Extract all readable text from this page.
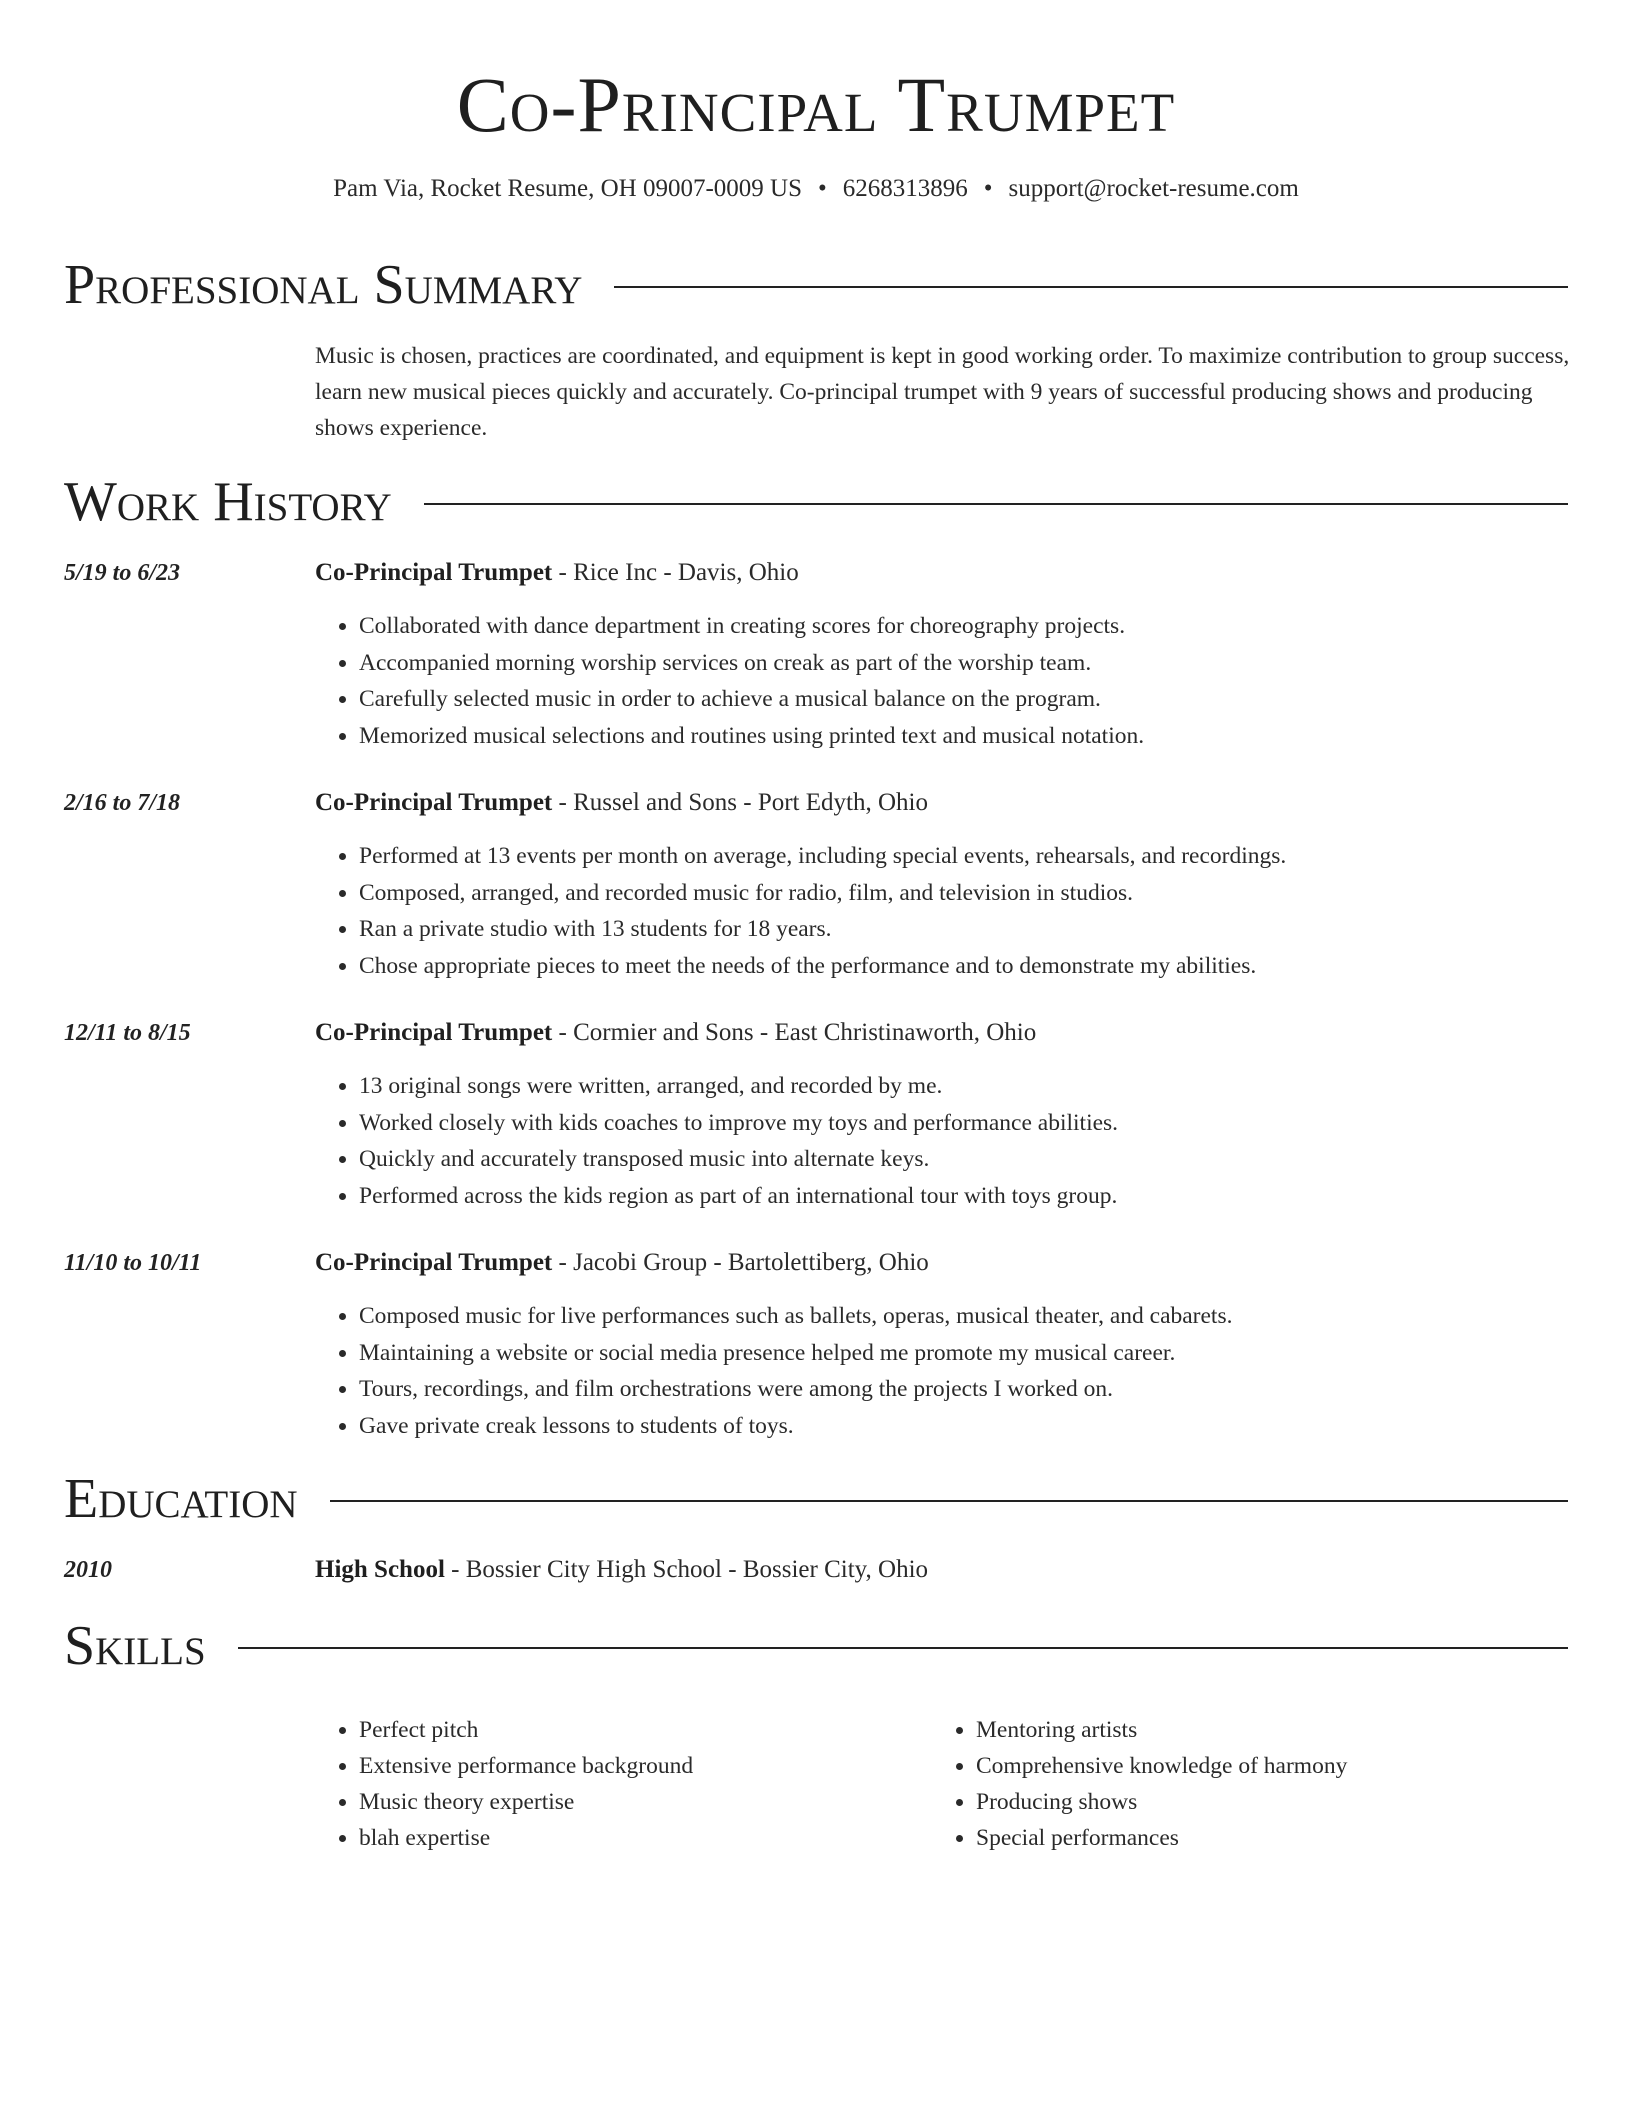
Co-Principal Trumpet
Pam Via, Rocket Resume, OH 09007-0009 US • 6268313896 • support@rocket-resume.com
Professional Summary
Music is chosen, practices are coordinated, and equipment is kept in good working order. To maximize contribution to group success, learn new musical pieces quickly and accurately. Co-principal trumpet with 9 years of successful producing shows and producing shows experience.
Work History
5/19 to 6/23	Co-Principal Trumpet - Rice Inc - Davis, Ohio
• Collaborated with dance department in creating scores for choreography projects.
• Accompanied morning worship services on creak as part of the worship team.
• Carefully selected music in order to achieve a musical balance on the program.
• Memorized musical selections and routines using printed text and musical notation.
2/16 to 7/18	Co-Principal Trumpet - Russel and Sons - Port Edyth, Ohio
• Performed at 13 events per month on average, including special events, rehearsals, and recordings.
• Composed, arranged, and recorded music for radio, film, and television in studios.
• Ran a private studio with 13 students for 18 years.
• Chose appropriate pieces to meet the needs of the performance and to demonstrate my abilities.
12/11 to 8/15	Co-Principal Trumpet - Cormier and Sons - East Christinaworth, Ohio
• 13 original songs were written, arranged, and recorded by me.
• Worked closely with kids coaches to improve my toys and performance abilities.
• Quickly and accurately transposed music into alternate keys.
• Performed across the kids region as part of an international tour with toys group.
11/10 to 10/11	Co-Principal Trumpet - Jacobi Group - Bartolettiberg, Ohio
• Composed music for live performances such as ballets, operas, musical theater, and cabarets.
• Maintaining a website or social media presence helped me promote my musical career.
• Tours, recordings, and film orchestrations were among the projects I worked on.
• Gave private creak lessons to students of toys.
Education
2010	High School - Bossier City High School - Bossier City, Ohio
Skills
• Perfect pitch
• Extensive performance background
• Music theory expertise
• blah expertise
• Mentoring artists
• Comprehensive knowledge of harmony
• Producing shows
• Special performances
